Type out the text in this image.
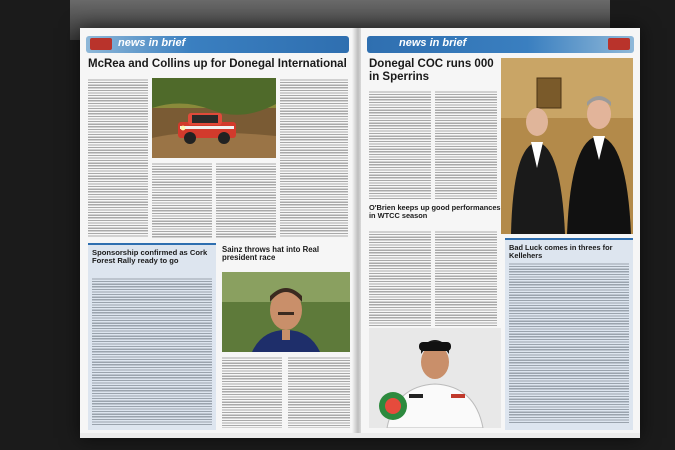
news in brief
McRea and Collins up for Donegal International
Sponsorship confirmed as Cork Forest Rally ready to go
Sainz throws hat into Real president race
news in brief
Donegal COC runs 000 in Sperrins
O'Brien keeps up good performances in WTCC season
Bad Luck comes in threes for Kellehers
